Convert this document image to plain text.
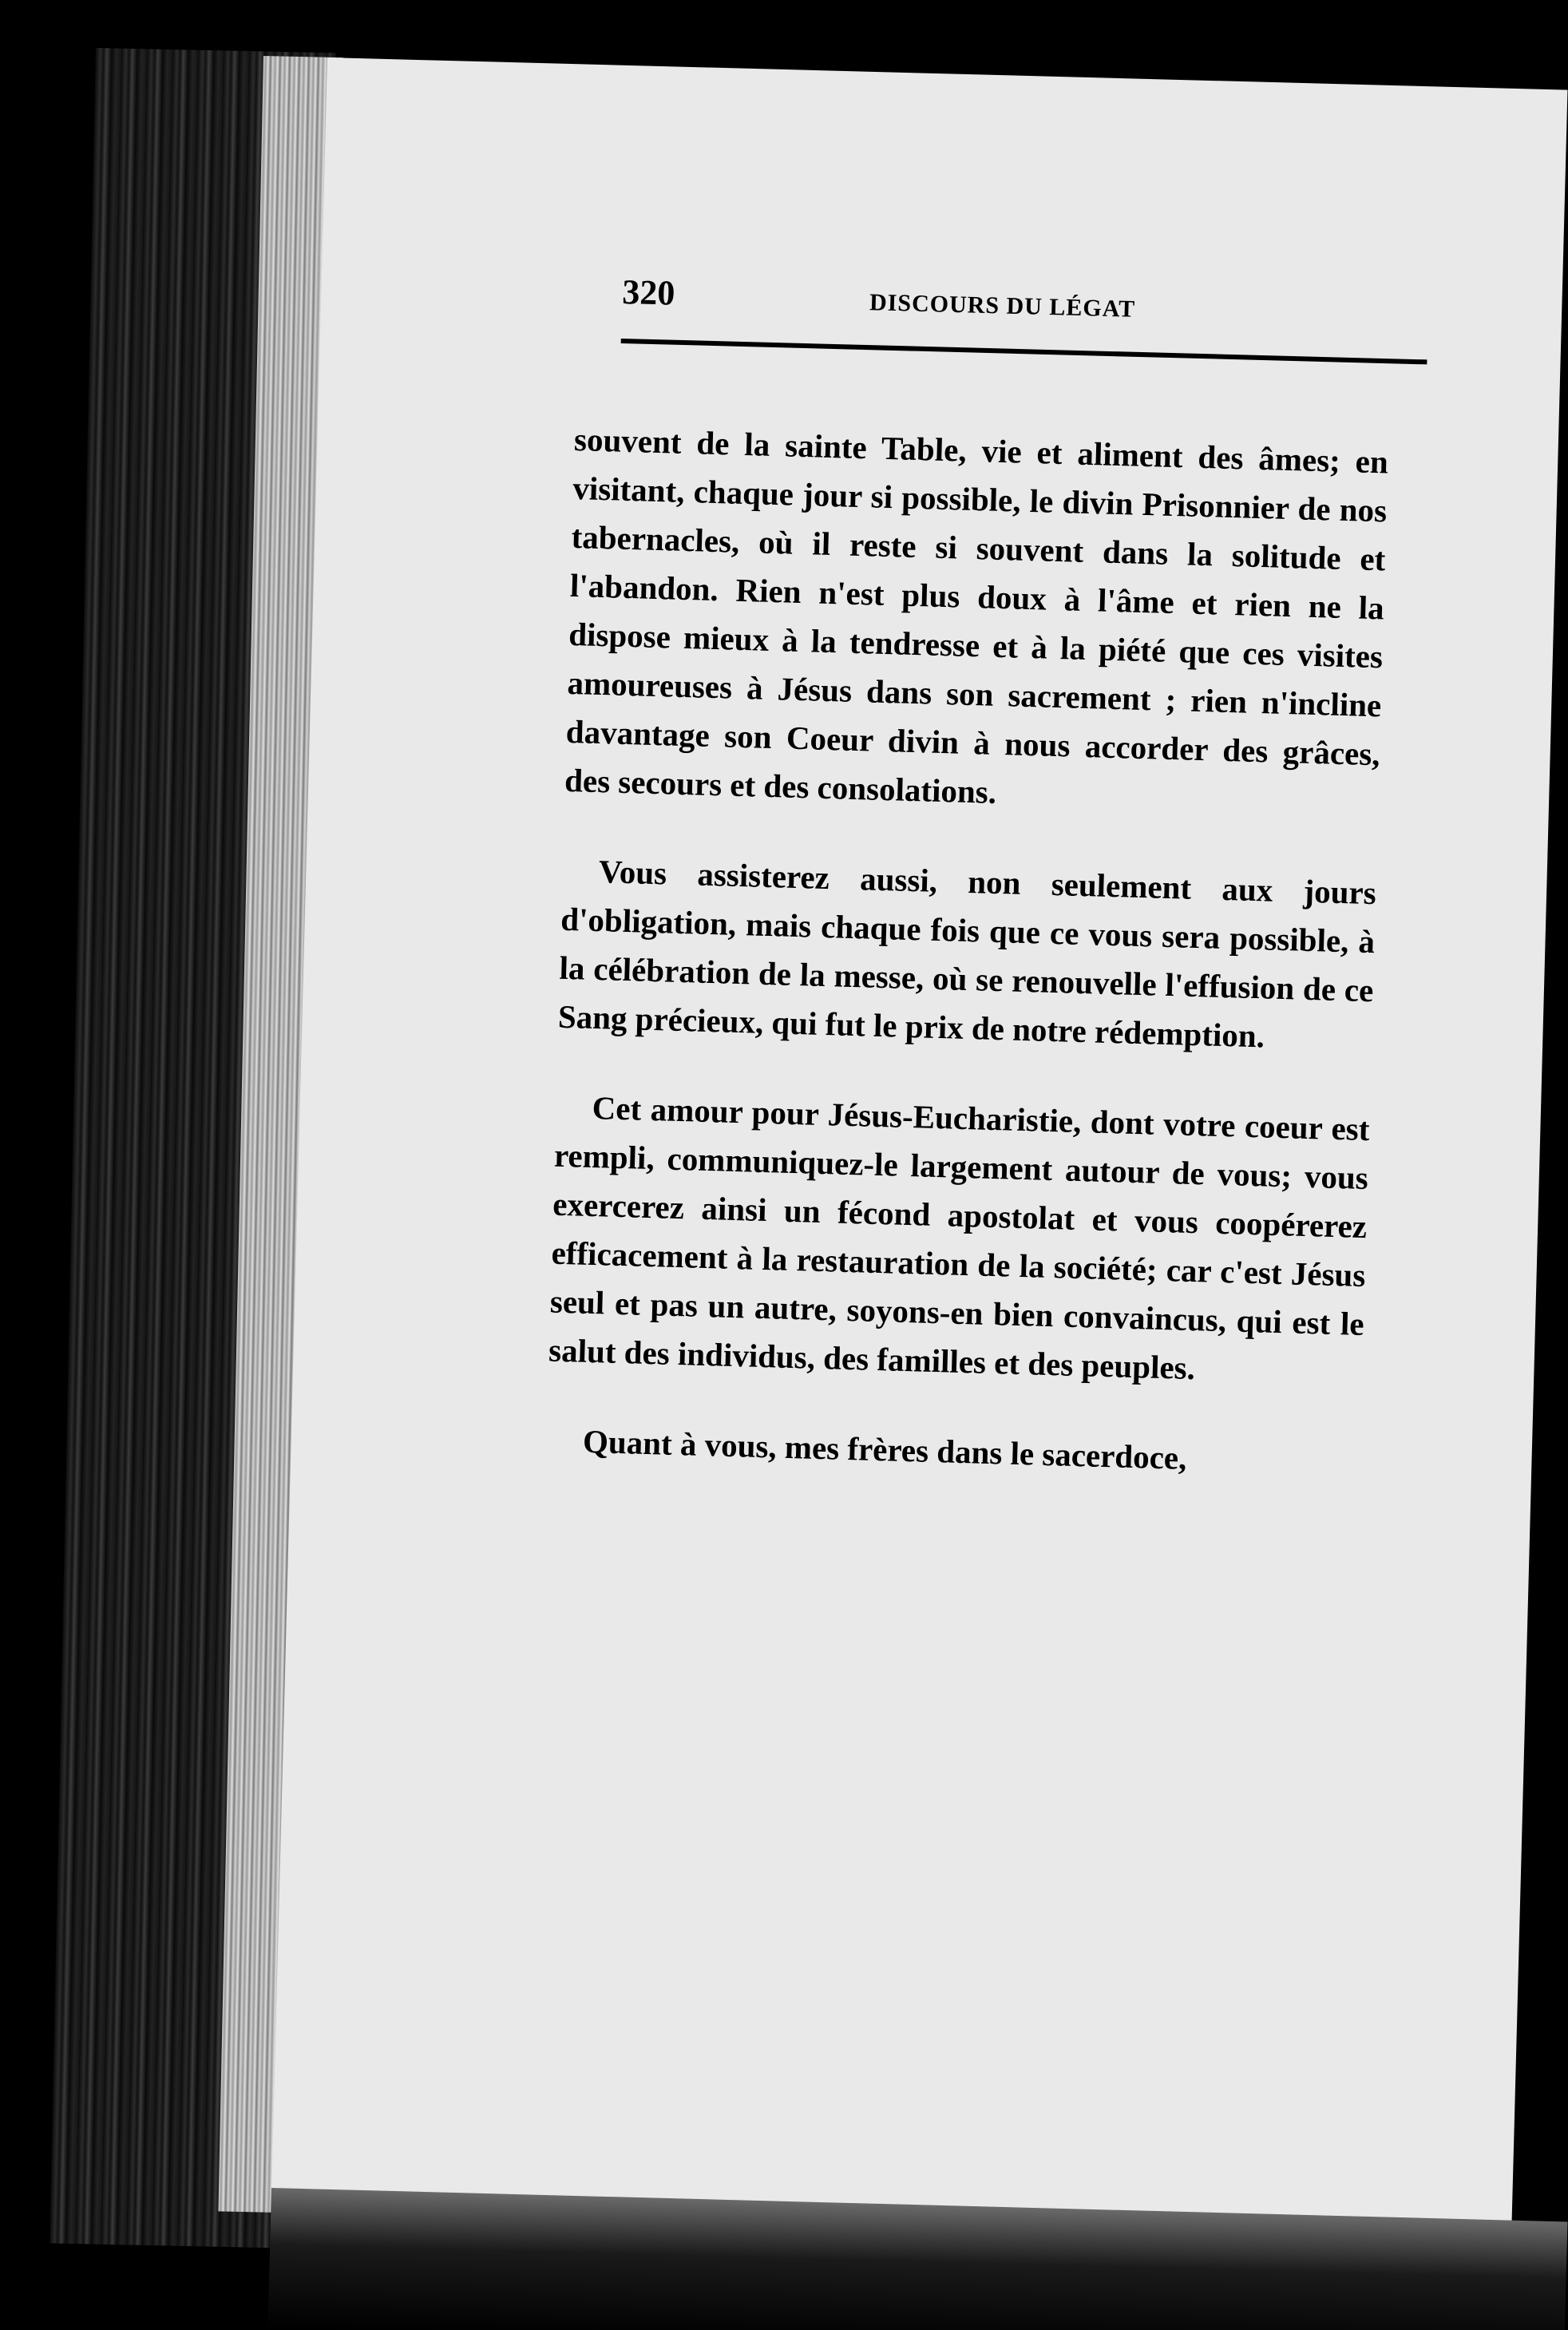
320	DISCOURS DU LÉGAT

souvent de la sainte Table, vie et aliment des âmes; en visitant, chaque jour si possible, le divin Prisonnier de nos tabernacles, où il reste si souvent dans la solitude et l'abandon. Rien n'est plus doux à l'âme et rien ne la dispose mieux à la tendresse et à la piété que ces visites amoureuses à Jésus dans son sacrement ; rien n'incline davantage son Coeur divin à nous accorder des grâces, des secours et des consolations.

Vous assisterez aussi, non seulement aux jours d'obligation, mais chaque fois que ce vous sera possible, à la célébration de la messe, où se renouvelle l'effusion de ce Sang précieux, qui fut le prix de notre rédemption.

Cet amour pour Jésus-Eucharistie, dont votre coeur est rempli, communiquez-le largement autour de vous; vous exercerez ainsi un fécond apostolat et vous coopérerez efficacement à la restauration de la société; car c'est Jésus seul et pas un autre, soyons-en bien convaincus, qui est le salut des individus, des familles et des peuples.

Quant à vous, mes frères dans le sacerdoce,
